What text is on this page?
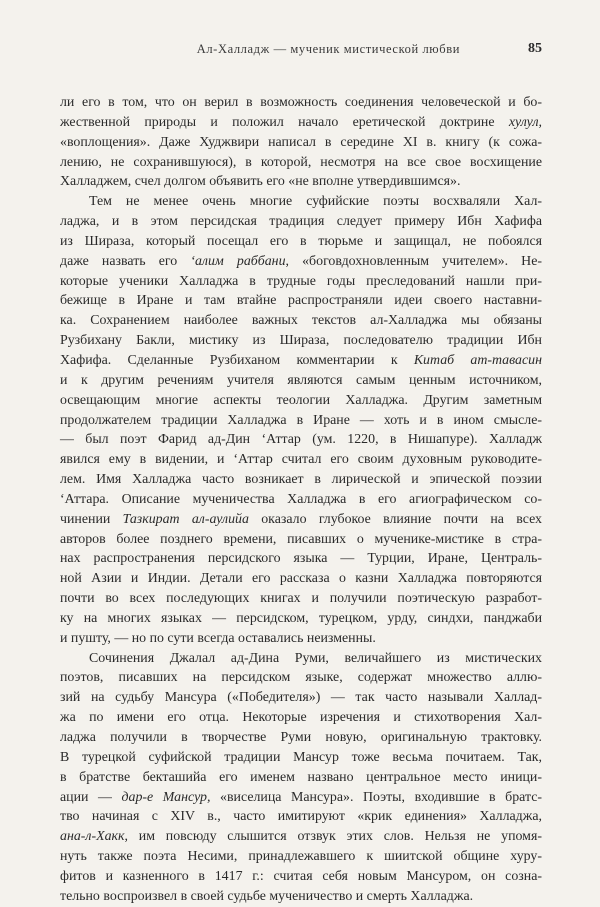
Ал-Халладж — мученик мистической любви	85
ли его в том, что он верил в возможность соединения человеческой и бо-
жественной природы и положил начало еретической доктрине хулул,
«воплощения». Даже Худжвири написал в середине XI в. книгу (к сожа-
лению, не сохранившуюся), в которой, несмотря на все свое восхищение
Халладжем, счел долгом объявить его «не вполне утвердившимся».
Тем не менее очень многие суфийские поэты восхваляли Хал-
ладжа, и в этом персидская традиция следует примеру Ибн Хафифа
из Шираза, который посещал его в тюрьме и защищал, не побоялся
даже назвать его ʻалим раббани, «боговдохновленным учителем». Не-
которые ученики Халладжа в трудные годы преследований нашли при-
бежище в Иране и там втайне распространяли идеи своего наставни-
ка. Сохранением наиболее важных текстов ал-Халладжа мы обязаны
Рузбихану Бакли, мистику из Шираза, последователю традиции Ибн
Хафифа. Сделанные Рузбиханом комментарии к Китаб ат-тавасин
и к другим речениям учителя являются самым ценным источником,
освещающим многие аспекты теологии Халладжа. Другим заметным
продолжателем традиции Халладжа в Иране — хоть и в ином смысле-
— был поэт Фарид ад-Дин ʻАттар (ум. 1220, в Нишапуре). Халладж
явился ему в видении, и ʻАттар считал его своим духовным руководите-
лем. Имя Халладжа часто возникает в лирической и эпической поэзии
ʻАттара. Описание мученичества Халладжа в его агиографическом со-
чинении Тазкират ал-аулийа оказало глубокое влияние почти на всех
авторов более позднего времени, писавших о мученике-мистике в стра-
нах распространения персидского языка — Турции, Иране, Централь-
ной Азии и Индии. Детали его рассказа о казни Халладжа повторяются
почти во всех последующих книгах и получили поэтическую разработ-
ку на многих языках — персидском, турецком, урду, синдхи, панджаби
и пушту, — но по сути всегда оставались неизменны.
Сочинения Джалал ад-Дина Руми, величайшего из мистических
поэтов, писавших на персидском языке, содержат множество аллю-
зий на судьбу Мансура («Победителя») — так часто называли Халлад-
жа по имени его отца. Некоторые изречения и стихотворения Хал-
ладжа получили в творчестве Руми новую, оригинальную трактовку.
В турецкой суфийской традиции Мансур тоже весьма почитаем. Так,
в братстве бекташийа его именем названо центральное место иници-
ации — дар-е Мансур, «виселица Мансура». Поэты, входившие в братс-
тво начиная с XIV в., часто имитируют «крик единения» Халладжа,
ана-л-Хакк, им повсюду слышится отзвук этих слов. Нельзя не упомя-
нуть также поэта Несими, принадлежавшего к шиитской общине хуру-
фитов и казненного в 1417 г.: считая себя новым Мансуром, он созна-
тельно воспроизвел в своей судьбе мученичество и смерть Халладжа.
